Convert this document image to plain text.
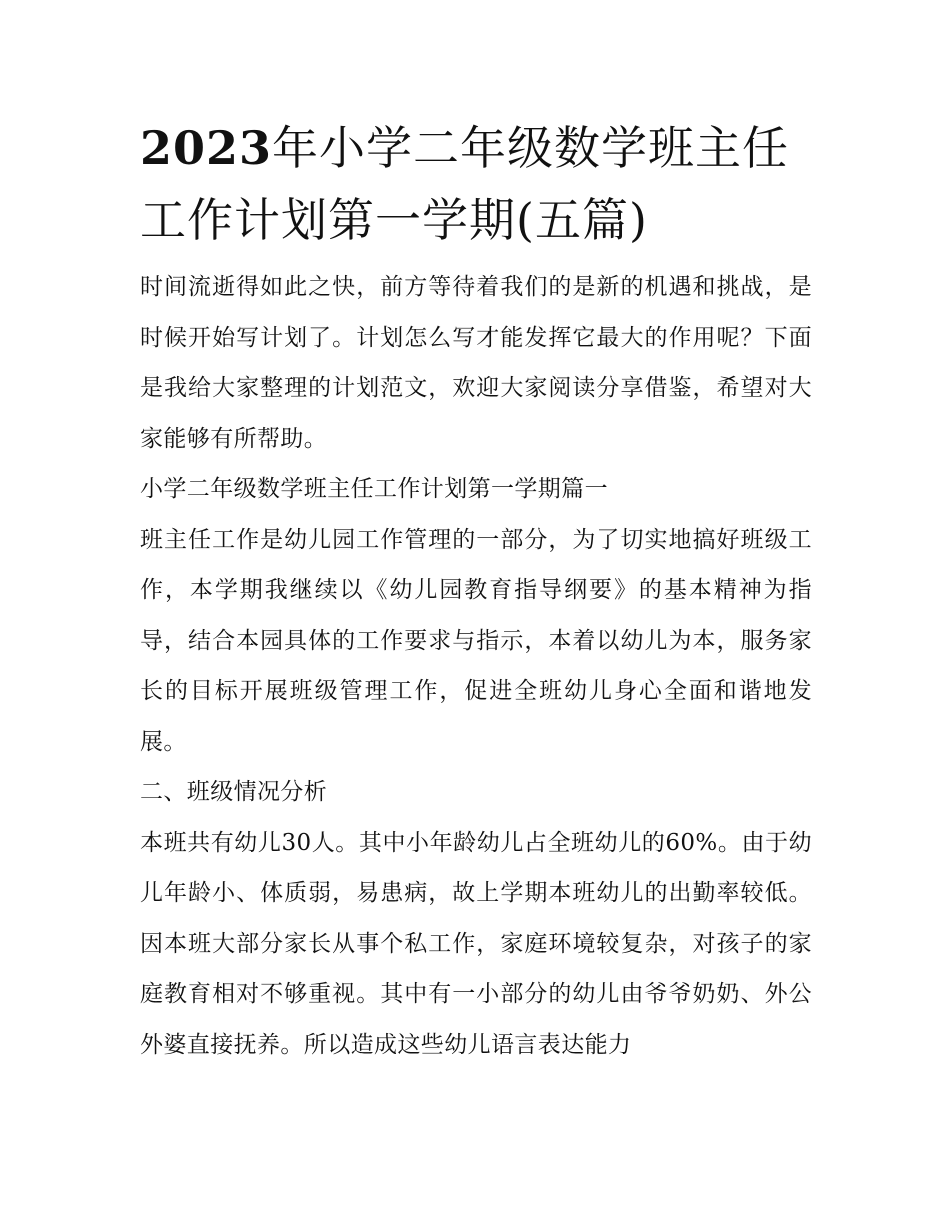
2023年小学二年级数学班主任工作计划第一学期(五篇)

时间流逝得如此之快，前方等待着我们的是新的机遇和挑战，是时候开始写计划了。计划怎么写才能发挥它最大的作用呢？下面是我给大家整理的计划范文，欢迎大家阅读分享借鉴，希望对大家能够有所帮助。

小学二年级数学班主任工作计划第一学期篇一

班主任工作是幼儿园工作管理的一部分，为了切实地搞好班级工作，本学期我继续以《幼儿园教育指导纲要》的基本精神为指导，结合本园具体的工作要求与指示，本着以幼儿为本，服务家长的目标开展班级管理工作，促进全班幼儿身心全面和谐地发展。

二、班级情况分析

本班共有幼儿30人。其中小年龄幼儿占全班幼儿的60%。由于幼儿年龄小、体质弱，易患病，故上学期本班幼儿的出勤率较低。因本班大部分家长从事个私工作，家庭环境较复杂，对孩子的家庭教育相对不够重视。其中有一小部分的幼儿由爷爷奶奶、外公外婆直接抚养。所以造成这些幼儿语言表达能力
